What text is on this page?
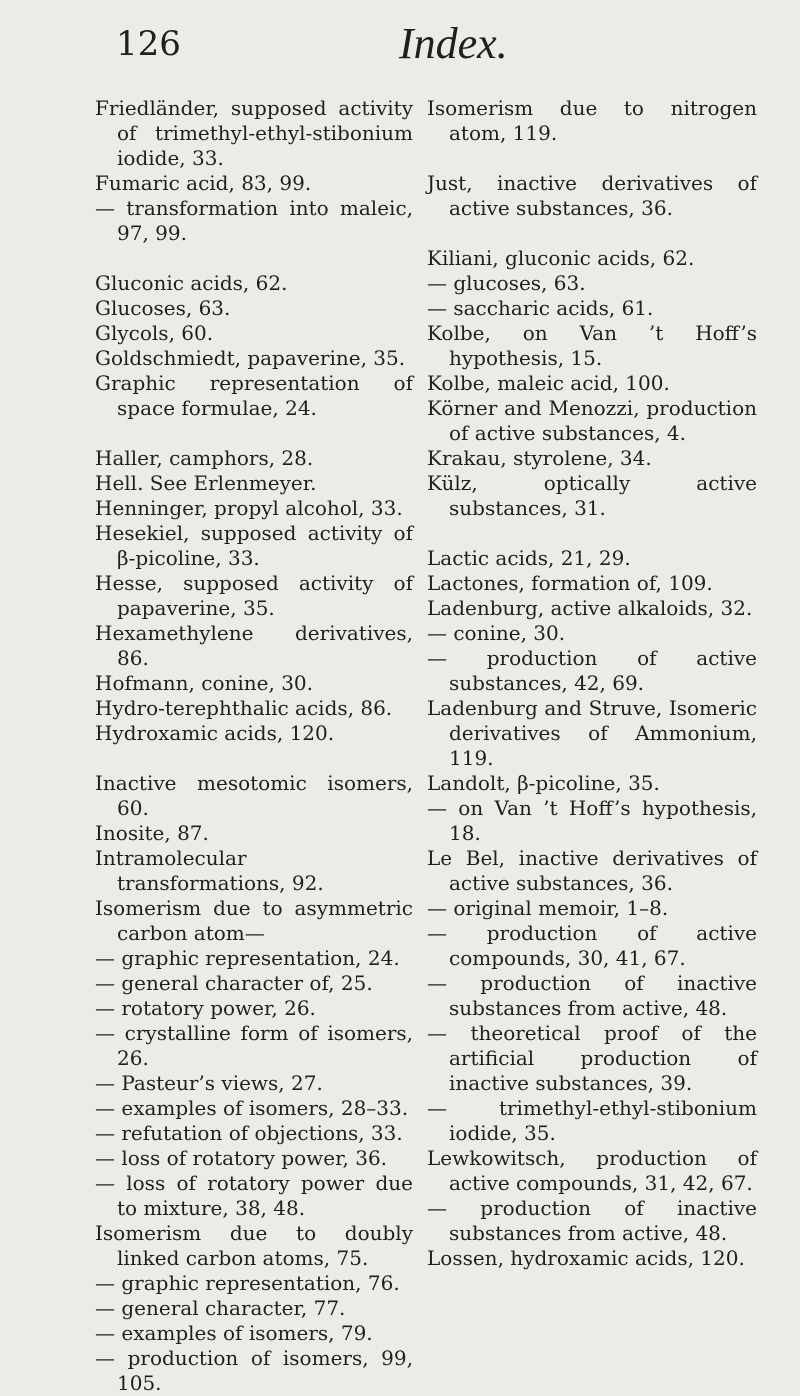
126	Index.

Friedländer, supposed activity of trimethyl-ethyl-stibonium iodide, 33.

Fumaric acid, 83, 99.

— transformation into maleic, 97, 99.

Gluconic acids, 62.

Glucoses, 63.

Glycols, 60.

Goldschmiedt, papaverine, 35.

Graphic representation of space formulae, 24.

Haller, camphors, 28.

Hell. See Erlenmeyer.

Henninger, propyl alcohol, 33.

Hesekiel, supposed activity of β-picoline, 33.

Hesse, supposed activity of papaverine, 35.

Hexamethylene derivatives, 86.

Hofmann, conine, 30.

Hydro-terephthalic acids, 86.

Hydroxamic acids, 120.

Inactive mesotomic isomers, 60.

Inosite, 87.

Intramolecular transformations, 92.

Isomerism due to asymmetric carbon atom—

— graphic representation, 24.

— general character of, 25.

— rotatory power, 26.

— crystalline form of isomers, 26.

— Pasteur’s views, 27.

— examples of isomers, 28–33.

— refutation of objections, 33.

— loss of rotatory power, 36.

— loss of rotatory power due to mixture, 38, 48.

Isomerism due to doubly linked carbon atoms, 75.

— graphic representation, 76.

— general character, 77.

— examples of isomers, 79.

— production of isomers, 99, 105.

Isomerism due to nitrogen atom, 119.

Just, inactive derivatives of active substances, 36.

Kiliani, gluconic acids, 62.

— glucoses, 63.

— saccharic acids, 61.

Kolbe, on Van ’t Hoff’s hypothesis, 15.

Kolbe, maleic acid, 100.

Körner and Menozzi, production of active substances, 4.

Krakau, styrolene, 34.

Külz, optically active substances, 31.

Lactic acids, 21, 29.

Lactones, formation of, 109.

Ladenburg, active alkaloids, 32.

— conine, 30.

— production of active substances, 42, 69.

Ladenburg and Struve, Isomeric derivatives of Ammonium, 119.

Landolt, β-picoline, 35.

— on Van ’t Hoff’s hypothesis, 18.

Le Bel, inactive derivatives of active substances, 36.

— original memoir, 1–8.

— production of active compounds, 30, 41, 67.

— production of inactive substances from active, 48.

— theoretical proof of the artificial production of inactive substances, 39.

— trimethyl-ethyl-stibonium iodide, 35.

Lewkowitsch, production of active compounds, 31, 42, 67.

— production of inactive substances from active, 48.

Lossen, hydroxamic acids, 120.
